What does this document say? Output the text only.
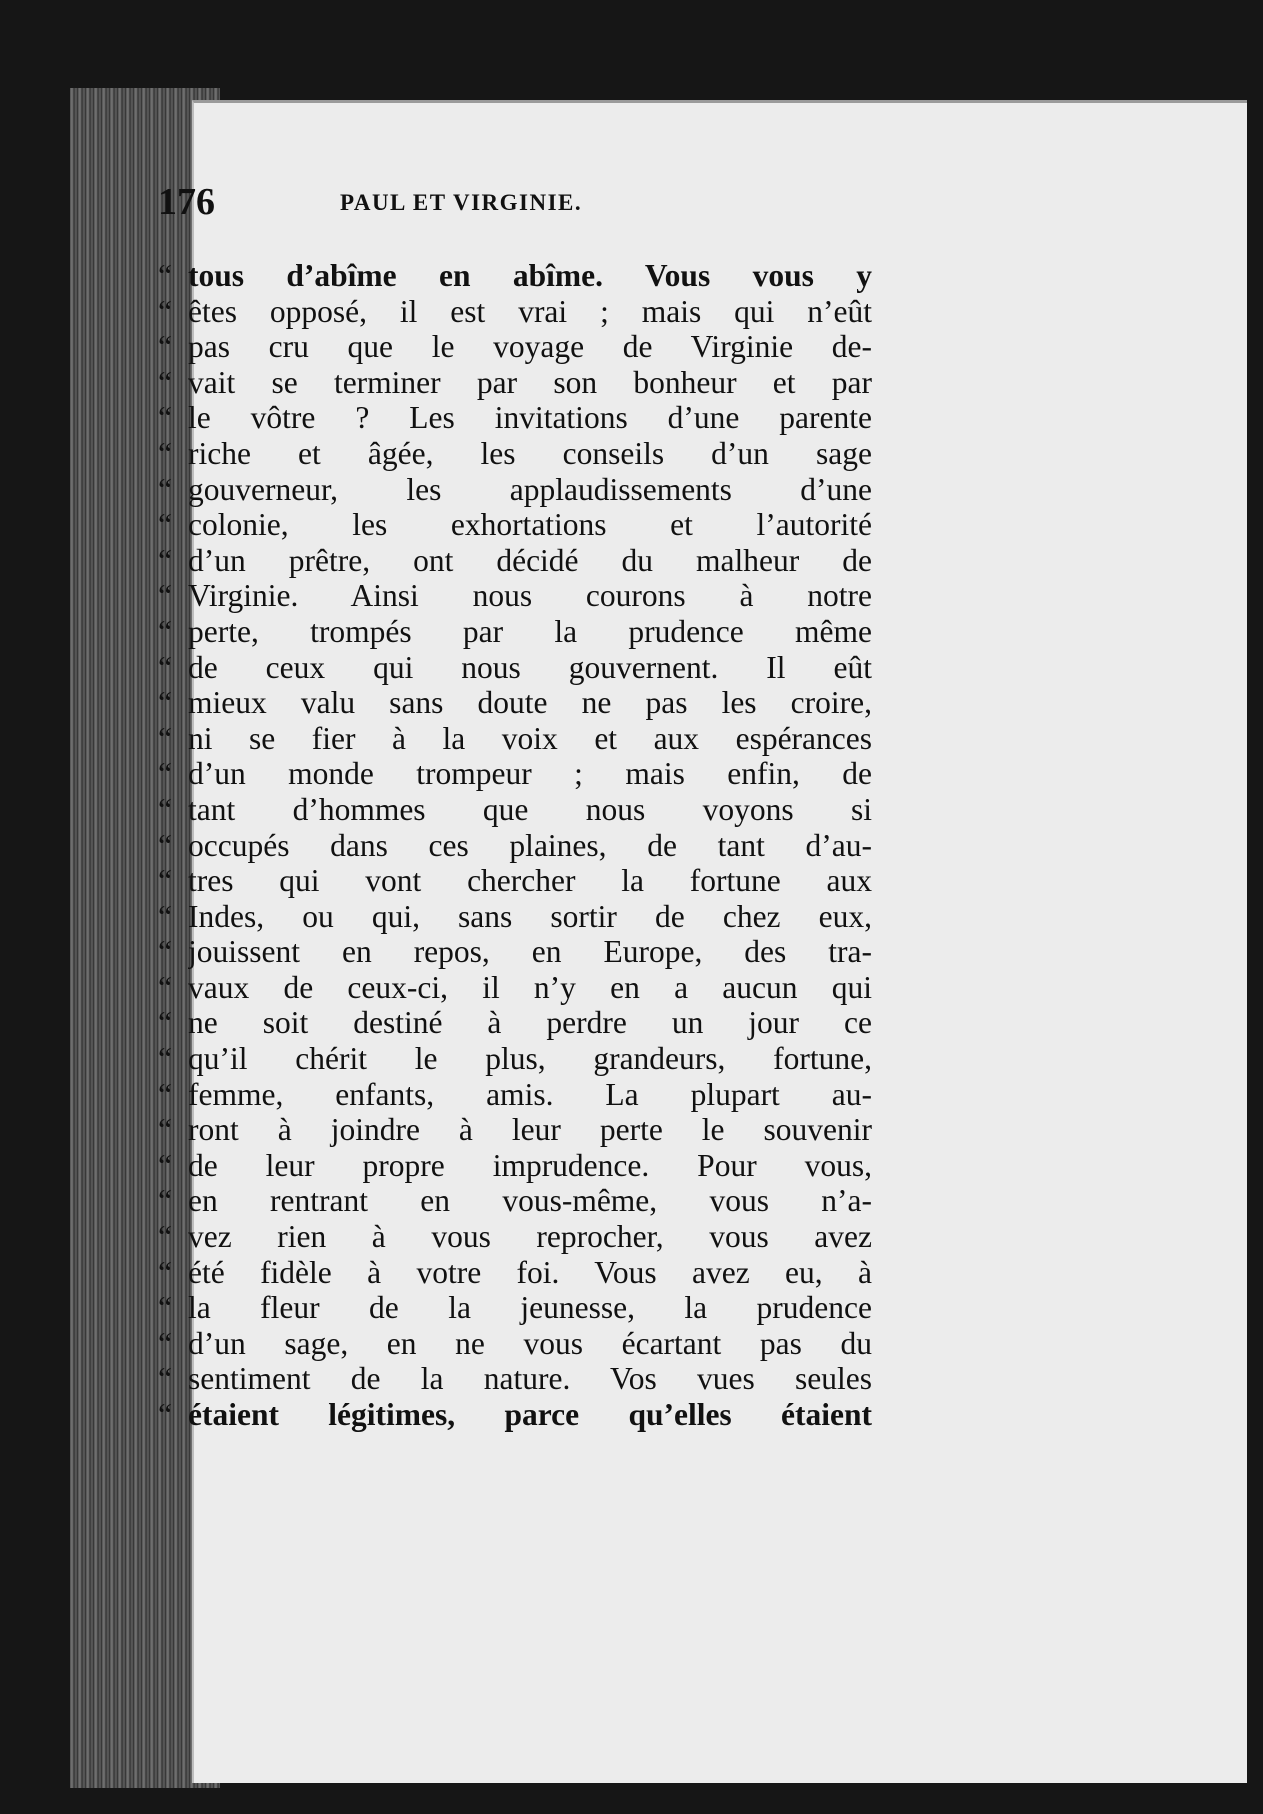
176	PAUL ET VIRGINIE.
“ tous d’abîme en abîme. Vous vous y
“ êtes opposé, il est vrai ; mais qui n’eût
“ pas cru que le voyage de Virginie de-
“ vait se terminer par son bonheur et par
“ le vôtre ? Les invitations d’une parente
“ riche et âgée, les conseils d’un sage
“ gouverneur, les applaudissements d’une
“ colonie, les exhortations et l’autorité
“ d’un prêtre, ont décidé du malheur de
“ Virginie. Ainsi nous courons à notre
“ perte, trompés par la prudence même
“ de ceux qui nous gouvernent. Il eût
“ mieux valu sans doute ne pas les croire,
“ ni se fier à la voix et aux espérances
“ d’un monde trompeur ; mais enfin, de
“ tant d’hommes que nous voyons si
“ occupés dans ces plaines, de tant d’au-
“ tres qui vont chercher la fortune aux
“ Indes, ou qui, sans sortir de chez eux,
“ jouissent en repos, en Europe, des tra-
“ vaux de ceux-ci, il n’y en a aucun qui
“ ne soit destiné à perdre un jour ce
“ qu’il chérit le plus, grandeurs, fortune,
“ femme, enfants, amis. La plupart au-
“ ront à joindre à leur perte le souvenir
“ de leur propre imprudence. Pour vous,
“ en rentrant en vous-même, vous n’a-
“ vez rien à vous reprocher, vous avez
“ été fidèle à votre foi. Vous avez eu, à
“ la fleur de la jeunesse, la prudence
“ d’un sage, en ne vous écartant pas du
“ sentiment de la nature. Vos vues seules
“ étaient légitimes, parce qu’elles étaient
